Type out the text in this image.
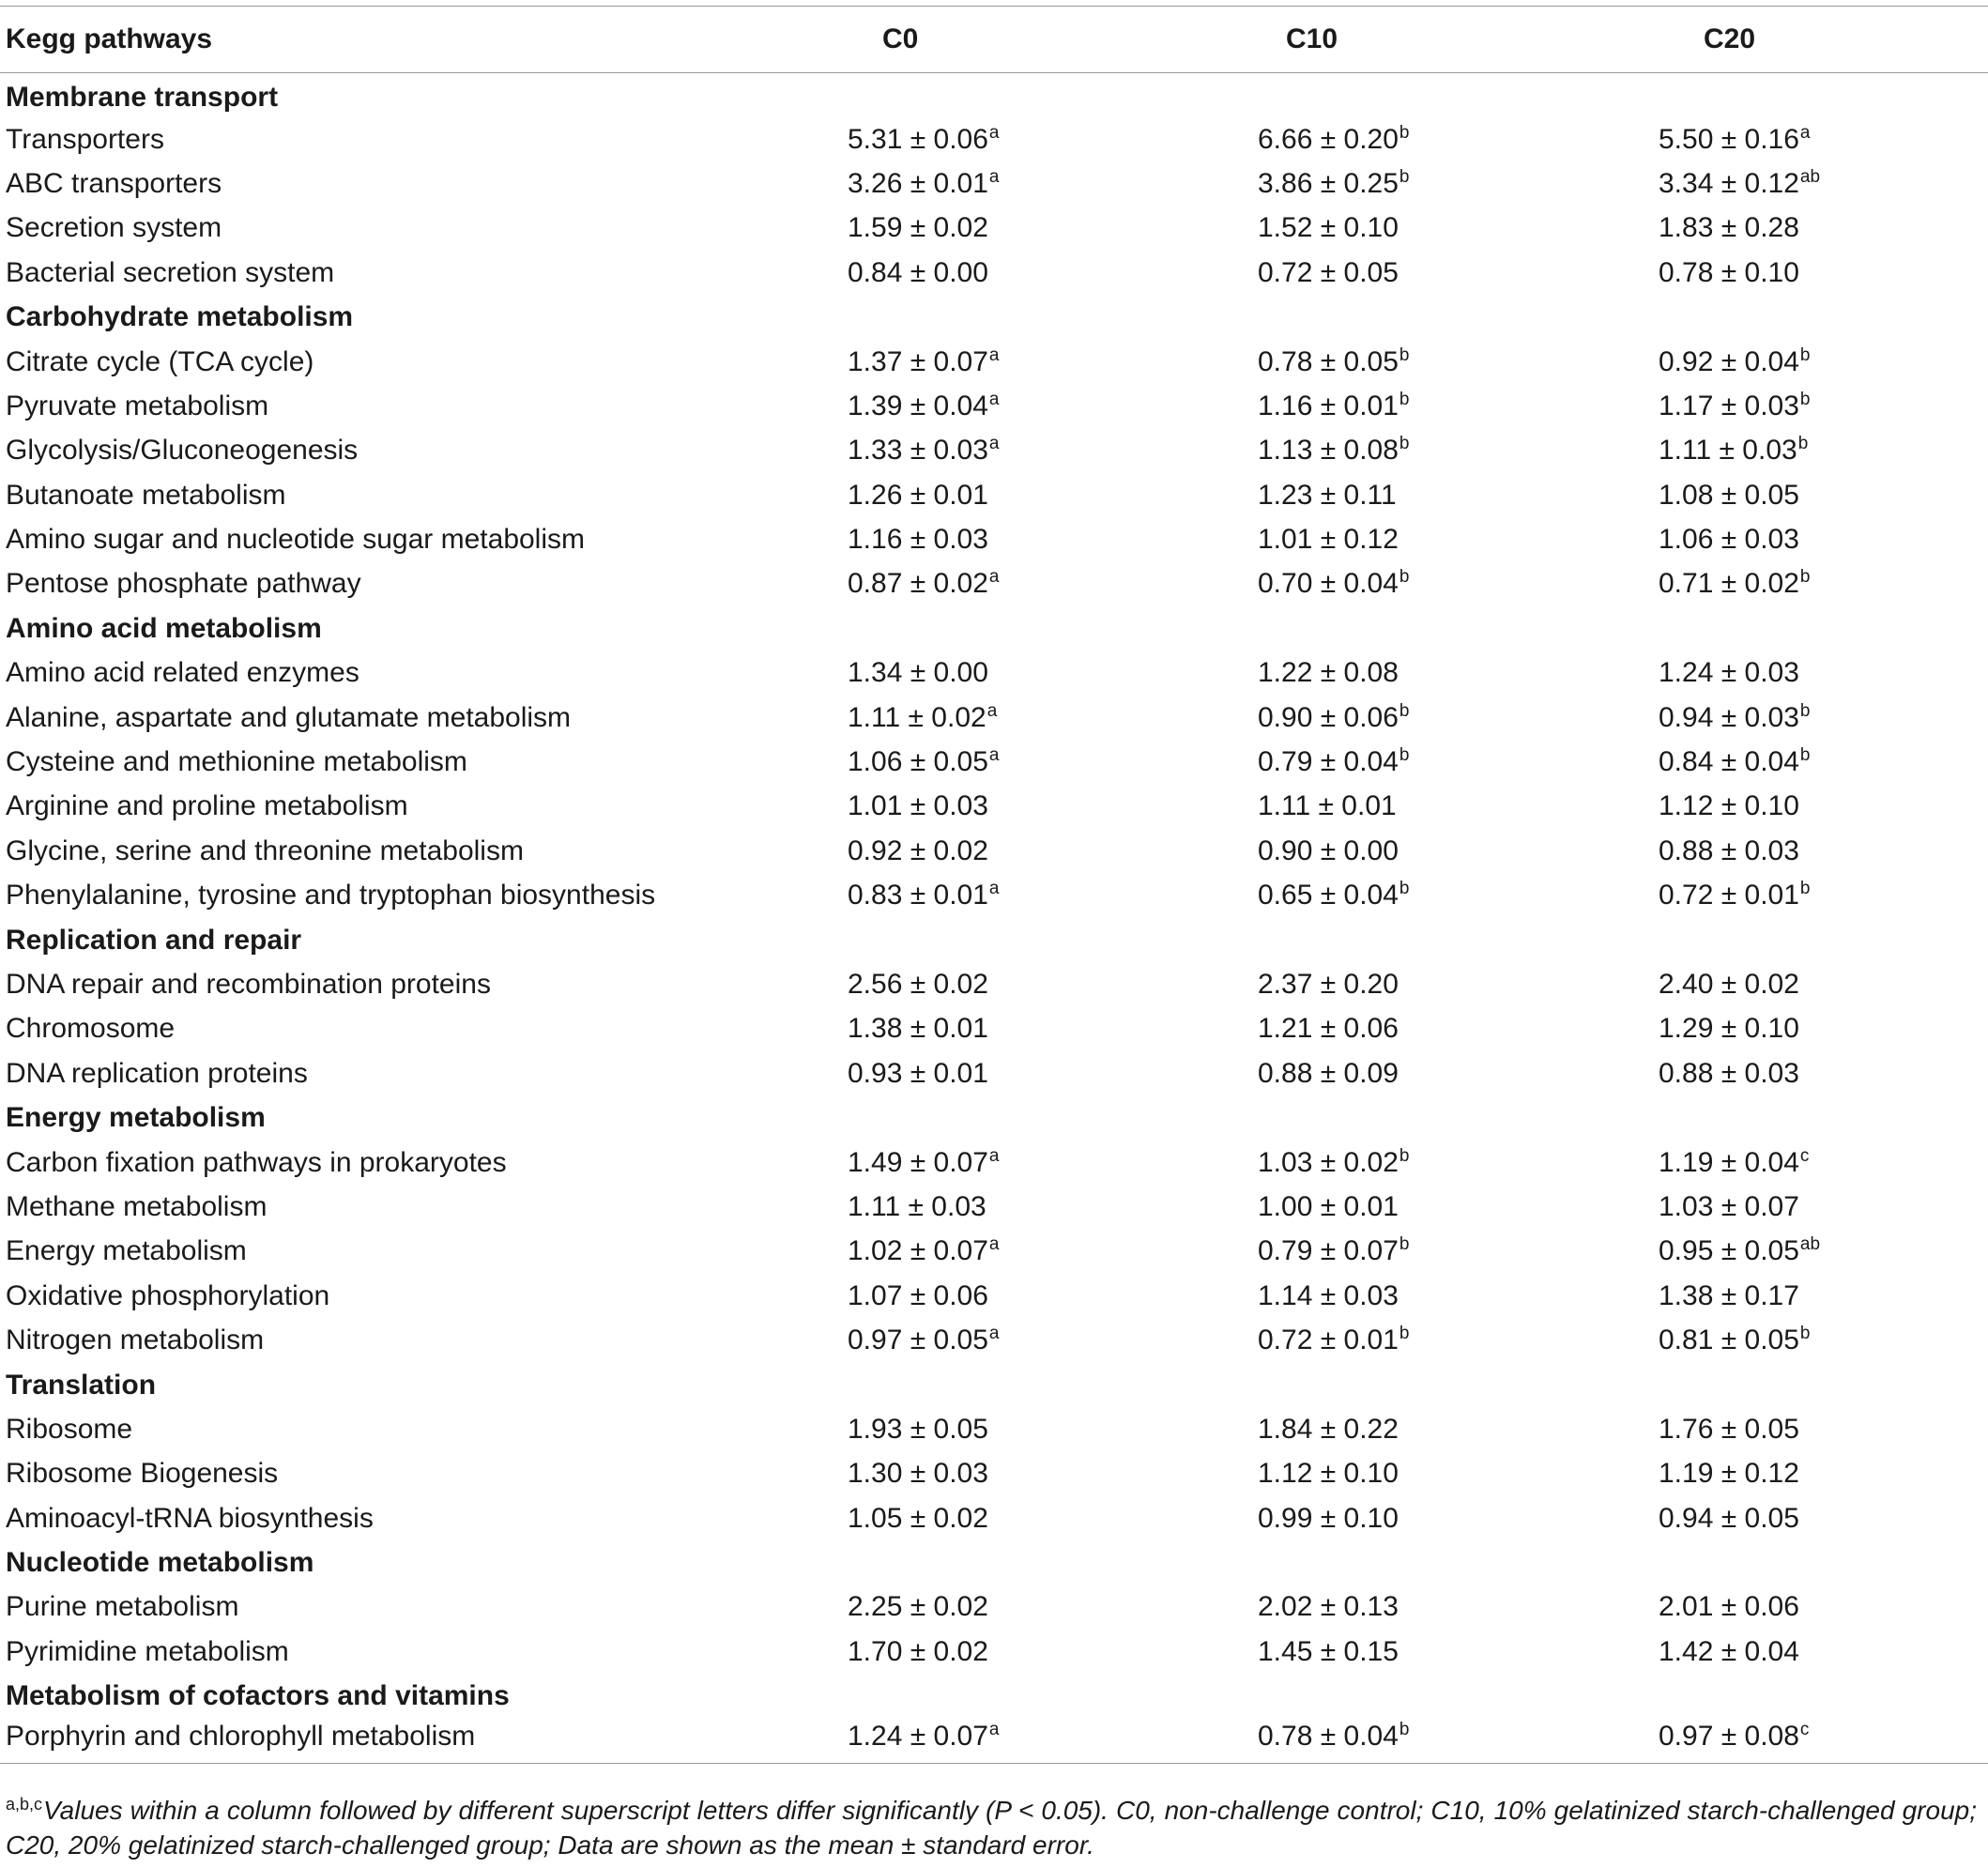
Kegg pathways	C0	C10	C20
Membrane transport			
Transporters	5.31 ± 0.06$^a$	6.66 ± 0.20$^b$	5.50 ± 0.16$^a$
ABC transporters	3.26 ± 0.01$^a$	3.86 ± 0.25$^b$	3.34 ± 0.12$^{ab}$
Secretion system	1.59 ± 0.02	1.52 ± 0.10	1.83 ± 0.28
Bacterial secretion system	0.84 ± 0.00	0.72 ± 0.05	0.78 ± 0.10
Carbohydrate metabolism			
Citrate cycle (TCA cycle)	1.37 ± 0.07$^a$	0.78 ± 0.05$^b$	0.92 ± 0.04$^b$
Pyruvate metabolism	1.39 ± 0.04$^a$	1.16 ± 0.01$^b$	1.17 ± 0.03$^b$
Glycolysis/Gluconeogenesis	1.33 ± 0.03$^a$	1.13 ± 0.08$^b$	1.11 ± 0.03$^b$
Butanoate metabolism	1.26 ± 0.01	1.23 ± 0.11	1.08 ± 0.05
Amino sugar and nucleotide sugar metabolism	1.16 ± 0.03	1.01 ± 0.12	1.06 ± 0.03
Pentose phosphate pathway	0.87 ± 0.02$^a$	0.70 ± 0.04$^b$	0.71 ± 0.02$^b$
Amino acid metabolism			
Amino acid related enzymes	1.34 ± 0.00	1.22 ± 0.08	1.24 ± 0.03
Alanine, aspartate and glutamate metabolism	1.11 ± 0.02$^a$	0.90 ± 0.06$^b$	0.94 ± 0.03$^b$
Cysteine and methionine metabolism	1.06 ± 0.05$^a$	0.79 ± 0.04$^b$	0.84 ± 0.04$^b$
Arginine and proline metabolism	1.01 ± 0.03	1.11 ± 0.01	1.12 ± 0.10
Glycine, serine and threonine metabolism	0.92 ± 0.02	0.90 ± 0.00	0.88 ± 0.03
Phenylalanine, tyrosine and tryptophan biosynthesis	0.83 ± 0.01$^a$	0.65 ± 0.04$^b$	0.72 ± 0.01$^b$
Replication and repair			
DNA repair and recombination proteins	2.56 ± 0.02	2.37 ± 0.20	2.40 ± 0.02
Chromosome	1.38 ± 0.01	1.21 ± 0.06	1.29 ± 0.10
DNA replication proteins	0.93 ± 0.01	0.88 ± 0.09	0.88 ± 0.03
Energy metabolism			
Carbon fixation pathways in prokaryotes	1.49 ± 0.07$^a$	1.03 ± 0.02$^b$	1.19 ± 0.04$^c$
Methane metabolism	1.11 ± 0.03	1.00 ± 0.01	1.03 ± 0.07
Energy metabolism	1.02 ± 0.07$^a$	0.79 ± 0.07$^b$	0.95 ± 0.05$^{ab}$
Oxidative phosphorylation	1.07 ± 0.06	1.14 ± 0.03	1.38 ± 0.17
Nitrogen metabolism	0.97 ± 0.05$^a$	0.72 ± 0.01$^b$	0.81 ± 0.05$^b$
Translation			
Ribosome	1.93 ± 0.05	1.84 ± 0.22	1.76 ± 0.05
Ribosome Biogenesis	1.30 ± 0.03	1.12 ± 0.10	1.19 ± 0.12
Aminoacyl-tRNA biosynthesis	1.05 ± 0.02	0.99 ± 0.10	0.94 ± 0.05
Nucleotide metabolism			
Purine metabolism	2.25 ± 0.02	2.02 ± 0.13	2.01 ± 0.06
Pyrimidine metabolism	1.70 ± 0.02	1.45 ± 0.15	1.42 ± 0.04
Metabolism of cofactors and vitamins			
Porphyrin and chlorophyll metabolism	1.24 ± 0.07$^a$	0.78 ± 0.04$^b$	0.97 ± 0.08$^c$
$^{a,b,c}$Values within a column followed by different superscript letters differ significantly (P < 0.05). C0, non-challenge control; C10, 10% gelatinized starch-challenged group; C20, 20% gelatinized starch-challenged group; Data are shown as the mean ± standard error.
